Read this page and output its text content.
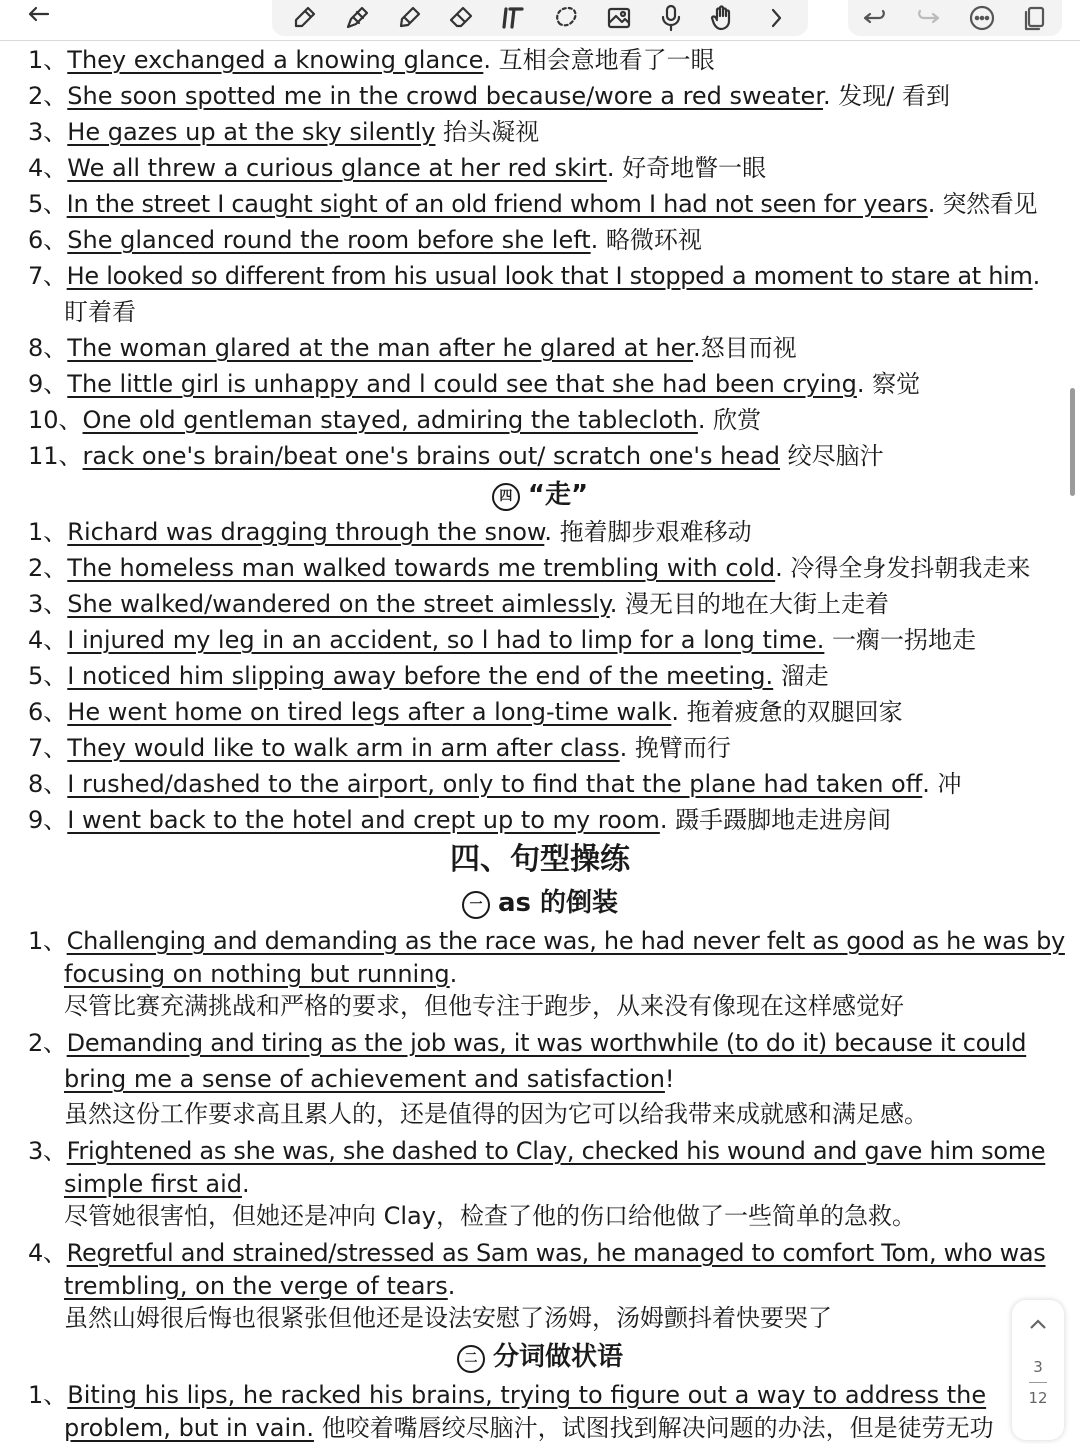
1、They exchanged a knowing glance. 互相会意地看了一眼
2、She soon spotted me in the crowd because/wore a red sweater. 发现/ 看到
3、He gazes up at the sky silently 抬头凝视
4、We all threw a curious glance at her red skirt. 好奇地瞥一眼
5、In the street I caught sight of an old friend whom I had not seen for years. 突然看见
6、She glanced round the room before she left. 略微环视
7、He looked so different from his usual look that I stopped a moment to stare at him.
盯着看
8、The woman glared at the man after he glared at her.怒目而视
9、The little girl is unhappy and l could see that she had been crying. 察觉
10、One old gentleman stayed, admiring the tablecloth. 欣赏
11、rack one's brain/beat one's brains out/ scratch one's head 绞尽脑汁
四 “走”
1、Richard was dragging through the snow. 拖着脚步艰难移动
2、The homeless man walked towards me trembling with cold. 冷得全身发抖朝我走来
3、She walked/wandered on the street aimlessly. 漫无目的地在大街上走着
4、I injured my leg in an accident, so l had to limp for a long time. 一瘸一拐地走
5、I noticed him slipping away before the end of the meeting. 溜走
6、He went home on tired legs after a long-time walk. 拖着疲惫的双腿回家
7、They would like to walk arm in arm after class. 挽臂而行
8、I rushed/dashed to the airport, only to find that the plane had taken off. 冲
9、I went back to the hotel and crept up to my room. 蹑手蹑脚地走进房间
四、句型操练
一 as 的倒装
1、Challenging and demanding as the race was, he had never felt as good as he was by
focusing on nothing but running.
尽管比赛充满挑战和严格的要求，但他专注于跑步，从来没有像现在这样感觉好
2、Demanding and tiring as the job was, it was worthwhile (to do it) because it could
bring me a sense of achievement and satisfaction!
虽然这份工作要求高且累人的，还是值得的因为它可以给我带来成就感和满足感。
3、Frightened as she was, she dashed to Clay, checked his wound and gave him some
simple first aid.
尽管她很害怕，但她还是冲向 Clay，检查了他的伤口给他做了一些简单的急救。
4、Regretful and strained/stressed as Sam was, he managed to comfort Tom, who was
trembling, on the verge of tears.
虽然山姆很后悔也很紧张但他还是设法安慰了汤姆，汤姆颤抖着快要哭了
二 分词做状语
1、Biting his lips, he racked his brains, trying to figure out a way to address the
problem, but in vain. 他咬着嘴唇绞尽脑汁，试图找到解决问题的办法，但是徒劳无功
3
12
